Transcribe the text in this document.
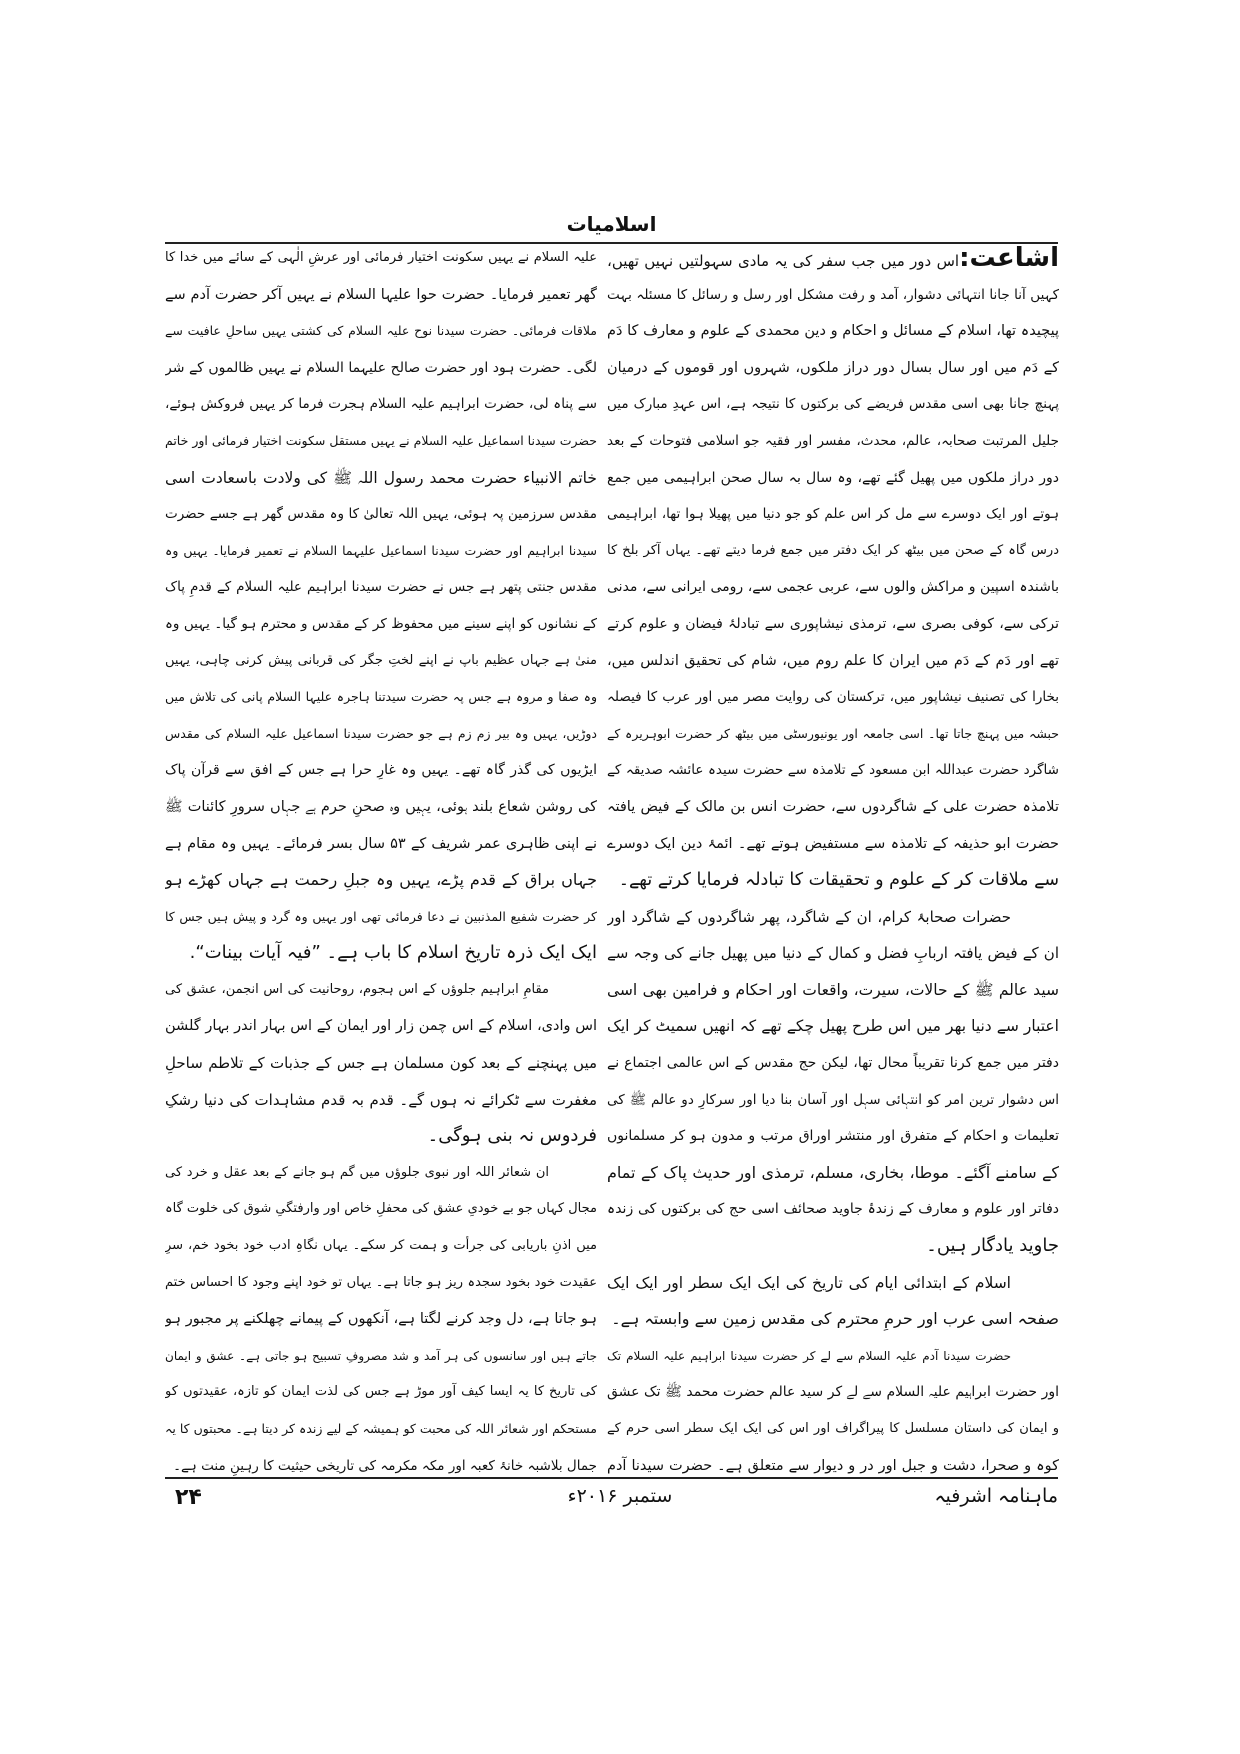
اسلامیات
اشاعت:اس دور میں جب سفر کی یہ مادی سہولتیں نہیں تھیں،
کہیں آنا جانا انتہائی دشوار، آمد و رفت مشکل اور رسل و رسائل کا مسئلہ بہت
پیچیدہ تھا، اسلام کے مسائل و احکام و دین محمدی کے علوم و معارف کا دَم
کے دَم میں اور سال بسال دور دراز ملکوں، شہروں اور قوموں کے درمیان
پہنچ جانا بھی اسی مقدس فریضے کی برکتوں کا نتیجہ ہے، اس عہدِ مبارک میں
جلیل المرتبت صحابہ، عالم، محدث، مفسر اور فقیہ جو اسلامی فتوحات کے بعد
دور دراز ملکوں میں پھیل گئے تھے، وہ سال بہ سال صحن ابراہیمی میں جمع
ہوتے اور ایک دوسرے سے مل کر اس علم کو جو دنیا میں پھیلا ہوا تھا، ابراہیمی
درس گاہ کے صحن میں بیٹھ کر ایک دفتر میں جمع فرما دیتے تھے۔ یہاں آکر بلخ کا
باشندہ اسپین و مراکش والوں سے، عربی عجمی سے، رومی ایرانی سے، مدنی
ترکی سے، کوفی بصری سے، ترمذی نیشاپوری سے تبادلۂ فیضان و علوم کرتے
تھے اور دَم کے دَم میں ایران کا علم روم میں، شام کی تحقیق اندلس میں،
بخارا کی تصنیف نیشاپور میں، ترکستان کی روایت مصر میں اور عرب کا فیصلہ
حبشہ میں پہنچ جاتا تھا۔ اسی جامعہ اور یونیورسٹی میں بیٹھ کر حضرت ابوہریرہ کے
شاگرد حضرت عبداللہ ابن مسعود کے تلامذہ سے حضرت سیدہ عائشہ صدیقہ کے
تلامذہ حضرت علی کے شاگردوں سے، حضرت انس بن مالک کے فیض یافتہ
حضرت ابو حذیفہ کے تلامذہ سے مستفیض ہوتے تھے۔ ائمۂ دین ایک دوسرے
سے ملاقات کر کے علوم و تحقیقات کا تبادلہ فرمایا کرتے تھے۔
حضرات صحابۂ کرام، ان کے شاگرد، پھر شاگردوں کے شاگرد اور
ان کے فیض یافتہ اربابِ فضل و کمال کے دنیا میں پھیل جانے کی وجہ سے
سید عالم ﷺ کے حالات، سیرت، واقعات اور احکام و فرامین بھی اسی
اعتبار سے دنیا بھر میں اس طرح پھیل چکے تھے کہ انھیں سمیٹ کر ایک
دفتر میں جمع کرنا تقریباً محال تھا، لیکن حج مقدس کے اس عالمی اجتماع نے
اس دشوار ترین امر کو انتہائی سہل اور آسان بنا دیا اور سرکارِ دو عالم ﷺ کی
تعلیمات و احکام کے متفرق اور منتشر اوراق مرتب و مدون ہو کر مسلمانوں
کے سامنے آگئے۔ موطا، بخاری، مسلم، ترمذی اور حدیث پاک کے تمام
دفاتر اور علوم و معارف کے زندۂ جاوید صحائف اسی حج کی برکتوں کی زندہ
جاوید یادگار ہیں۔
اسلام کے ابتدائی ایام کی تاریخ کی ایک ایک سطر اور ایک ایک
صفحہ اسی عرب اور حرمِ محترم کی مقدس زمین سے وابستہ ہے۔
حضرت سیدنا آدم علیہ السلام سے لے کر حضرت سیدنا ابراہیم علیہ السلام تک
اور حضرت ابراہیم علیہ السلام سے لے کر سید عالم حضرت محمد ﷺ تک عشق
و ایمان کی داستان مسلسل کا پیراگراف اور اس کی ایک ایک سطر اسی حرم کے
کوہ و صحرا، دشت و جبل اور در و دیوار سے متعلق ہے۔ حضرت سیدنا آدم
علیہ السلام نے یہیں سکونت اختیار فرمائی اور عرشِ الٰہی کے سائے میں خدا کا
گھر تعمیر فرمایا۔ حضرت حوا علیہا السلام نے یہیں آکر حضرت آدم سے
ملاقات فرمائی۔ حضرت سیدنا نوح علیہ السلام کی کشتی یہیں ساحلِ عافیت سے
لگی۔ حضرت ہود اور حضرت صالح علیہما السلام نے یہیں ظالموں کے شر
سے پناہ لی، حضرت ابراہیم علیہ السلام ہجرت فرما کر یہیں فروکش ہوئے،
حضرت سیدنا اسماعیل علیہ السلام نے یہیں مستقل سکونت اختیار فرمائی اور خاتم
خاتم الانبیاء حضرت محمد رسول اللہ ﷺ کی ولادت باسعادت اسی
مقدس سرزمین پہ ہوئی، یہیں اللہ تعالیٰ کا وہ مقدس گھر ہے جسے حضرت
سیدنا ابراہیم اور حضرت سیدنا اسماعیل علیہما السلام نے تعمیر فرمایا۔ یہیں وہ
مقدس جنتی پتھر ہے جس نے حضرت سیدنا ابراہیم علیہ السلام کے قدمِ پاک
کے نشانوں کو اپنے سینے میں محفوظ کر کے مقدس و محترم ہو گیا۔ یہیں وہ
منیٰ ہے جہاں عظیم باپ نے اپنے لختِ جگر کی قربانی پیش کرنی چاہی، یہیں
وہ صفا و مروہ ہے جس پہ حضرت سیدتنا ہاجرہ علیہا السلام پانی کی تلاش میں
دوڑیں، یہیں وہ بیر زم زم ہے جو حضرت سیدنا اسماعیل علیہ السلام کی مقدس
ایڑیوں کی گذر گاہ تھے۔ یہیں وہ غارِ حرا ہے جس کے افق سے قرآن پاک
کی روشن شعاع بلند ہوئی، یہیں وہ صحنِ حرم ہے جہاں سرورِ کائنات ﷺ
نے اپنی ظاہری عمر شریف کے ۵۳ سال بسر فرمائے۔ یہیں وہ مقام ہے
جہاں براق کے قدم پڑے، یہیں وہ جبلِ رحمت ہے جہاں کھڑے ہو
کر حضرت شفیع المذنبین نے دعا فرمائی تھی اور یہیں وہ گرد و پیش ہیں جس کا
ایک ایک ذرہ تاریخ اسلام کا باب ہے۔ ”فیہ آیات بینات“.
مقامِ ابراہیم جلوؤں کے اس ہجوم، روحانیت کی اس انجمن، عشق کی
اس وادی، اسلام کے اس چمن زار اور ایمان کے اس بہار اندر بہار گلشن
میں پہنچنے کے بعد کون مسلمان ہے جس کے جذبات کے تلاطم ساحلِ
مغفرت سے ٹکرائے نہ ہوں گے۔ قدم بہ قدم مشاہدات کی دنیا رشکِ
فردوس نہ بنی ہوگی۔
ان شعائر اللہ اور نبوی جلوؤں میں گم ہو جانے کے بعد عقل و خرد کی
مجال کہاں جو بے خودیِ عشق کی محفلِ خاص اور وارفتگیِ شوق کی خلوت گاہ
میں اذنِ باریابی کی جرأت و ہمت کر سکے۔ یہاں نگاہِ ادب خود بخود خم، سرِ
عقیدت خود بخود سجدہ ریز ہو جاتا ہے۔ یہاں تو خود اپنے وجود کا احساس ختم
ہو جاتا ہے، دل وجد کرنے لگتا ہے، آنکھوں کے پیمانے چھلکنے پر مجبور ہو
جاتے ہیں اور سانسوں کی ہر آمد و شد مصروفِ تسبیح ہو جاتی ہے۔ عشق و ایمان
کی تاریخ کا یہ ایسا کیف آور موڑ ہے جس کی لذت ایمان کو تازہ، عقیدتوں کو
مستحکم اور شعائر اللہ کی محبت کو ہمیشہ کے لیے زندہ کر دیتا ہے۔ محبتوں کا یہ
جمال بلاشبہ خانۂ کعبہ اور مکہ مکرمہ کی تاریخی حیثیت کا رہینِ منت ہے۔
ماہنامہ اشرفیہ
ستمبر ۲۰۱۶ء
۲۴
